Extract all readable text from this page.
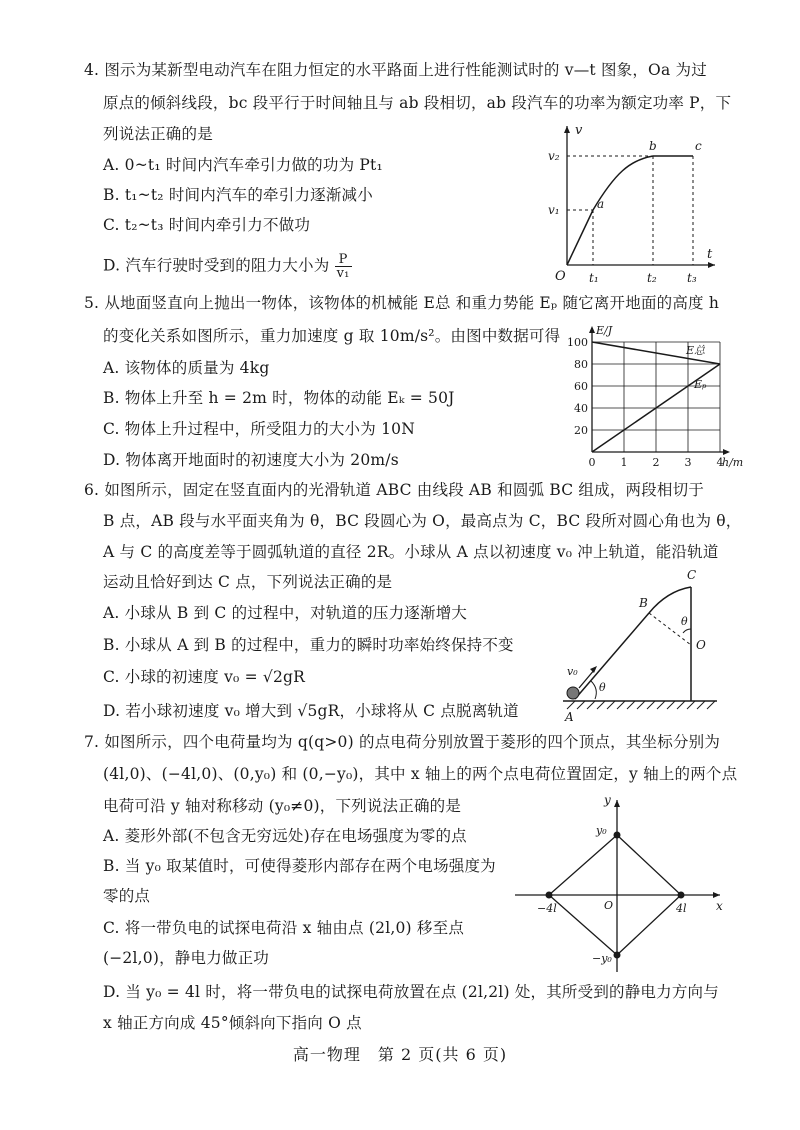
4. 图示为某新型电动汽车在阻力恒定的水平路面上进行性能测试时的 v—t 图象，Oa 为过
原点的倾斜线段，bc 段平行于时间轴且与 ab 段相切，ab 段汽车的功率为额定功率 P，下
列说法正确的是
A. 0~t₁ 时间内汽车牵引力做的功为 Pt₁
B. t₁~t₂ 时间内汽车的牵引力逐渐减小
C. t₂~t₃ 时间内牵引力不做功
D. 汽车行驶时受到的阻力大小为 $\frac{P}{\text{v₁}}$
v
t
O
v₂
v₁
t₁	t₂	t₃
a
b	c
5. 从地面竖直向上抛出一物体，该物体的机械能 E总 和重力势能 Eₚ 随它离开地面的高度 h
的变化关系如图所示，重力加速度 g 取 10m/s²。由图中数据可得
A. 该物体的质量为 4kg
B. 物体上升至 h = 2m 时，物体的动能 Eₖ = 50J
C. 物体上升过程中，所受阻力的大小为 10N
D. 物体离开地面时的初速度大小为 20m/s
E总
Eₚ
20
40
60
80
100
0 1 2 3 4
E/J
h/m
6. 如图所示，固定在竖直面内的光滑轨道 ABC 由线段 AB 和圆弧 BC 组成，两段相切于
B 点，AB 段与水平面夹角为 θ，BC 段圆心为 O，最高点为 C，BC 段所对圆心角也为 θ，
A 与 C 的高度差等于圆弧轨道的直径 2R。小球从 A 点以初速度 v₀ 冲上轨道，能沿轨道
运动且恰好到达 C 点，下列说法正确的是
A. 小球从 B 到 C 的过程中，对轨道的压力逐渐增大
B. 小球从 A 到 B 的过程中，重力的瞬时功率始终保持不变
C. 小球的初速度 v₀ = √2gR
D. 若小球初速度 v₀ 增大到 √5gR，小球将从 C 点脱离轨道
v₀
θ
θ
A
B
C
O
7. 如图所示，四个电荷量均为 q(q>0) 的点电荷分别放置于菱形的四个顶点，其坐标分别为
(4l,0)、(−4l,0)、(0,y₀) 和 (0,−y₀)，其中 x 轴上的两个点电荷位置固定，y 轴上的两个点
电荷可沿 y 轴对称移动 (y₀≠0)，下列说法正确的是
A. 菱形外部(不包含无穷远处)存在电场强度为零的点
B. 当 y₀ 取某值时，可使得菱形内部存在两个电场强度为
零的点
C. 将一带负电的试探电荷沿 x 轴由点 (2l,0) 移至点
(−2l,0)，静电力做正功
D. 当 y₀ = 4l 时，将一带负电的试探电荷放置在点 (2l,2l) 处，其所受到的静电力方向与
x 轴正方向成 45°倾斜向下指向 O 点
y
x
y₀
−y₀
−4l	4l
O
高一物理　第 2 页(共 6 页)
